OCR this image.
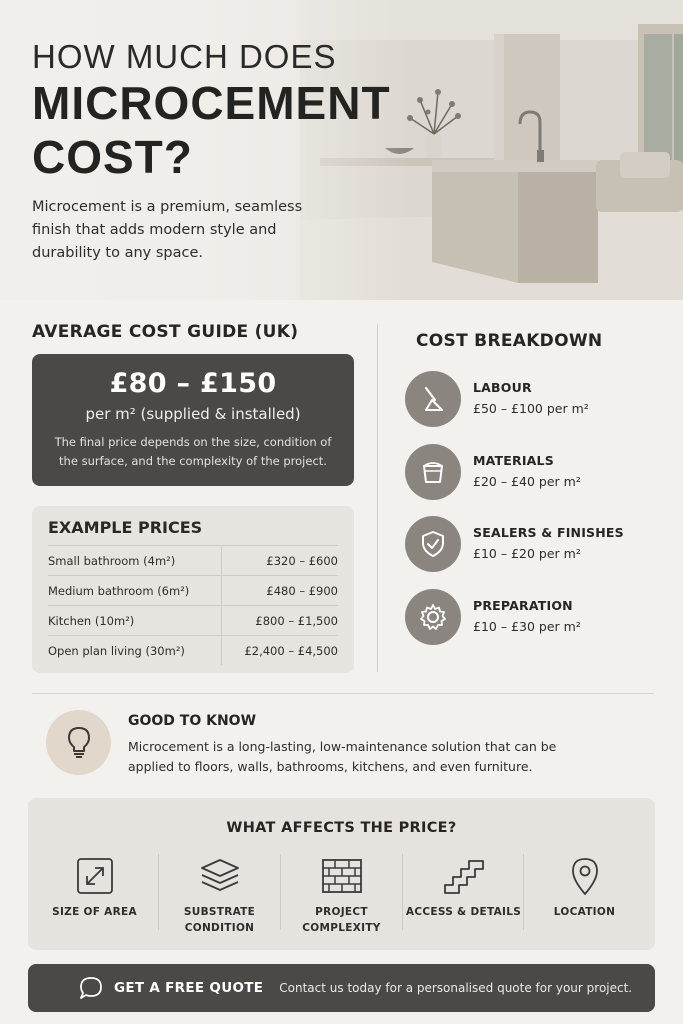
HOW MUCH DOES
MICROCEMENT
COST?

Microcement is a premium, seamless finish that adds modern style and durability to any space.

AVERAGE COST GUIDE (UK)
£80 – £150
per m² (supplied & installed)
The final price depends on the size, condition of the surface, and the complexity of the project.
EXAMPLE PRICES
Small bathroom (4m²)	£320 – £600
Medium bathroom (6m²)	£480 – £900
Kitchen (10m²)	£800 – £1,500
Open plan living (30m²)	£2,400 – £4,500
COST BREAKDOWN
LABOUR
£50 – £100 per m²
MATERIALS
£20 – £40 per m²
SEALERS & FINISHES
£10 – £20 per m²
PREPARATION
£10 – £30 per m²
GOOD TO KNOW
Microcement is a long-lasting, low-maintenance solution that can be applied to floors, walls, bathrooms, kitchens, and even furniture.
WHAT AFFECTS THE PRICE?
SIZE OF AREA	SUBSTRATE CONDITION
PROJECT COMPLEXITY
ACCESS & DETAILS	LOCATION
GET A FREE QUOTE Contact us today for a personalised quote for your project.
